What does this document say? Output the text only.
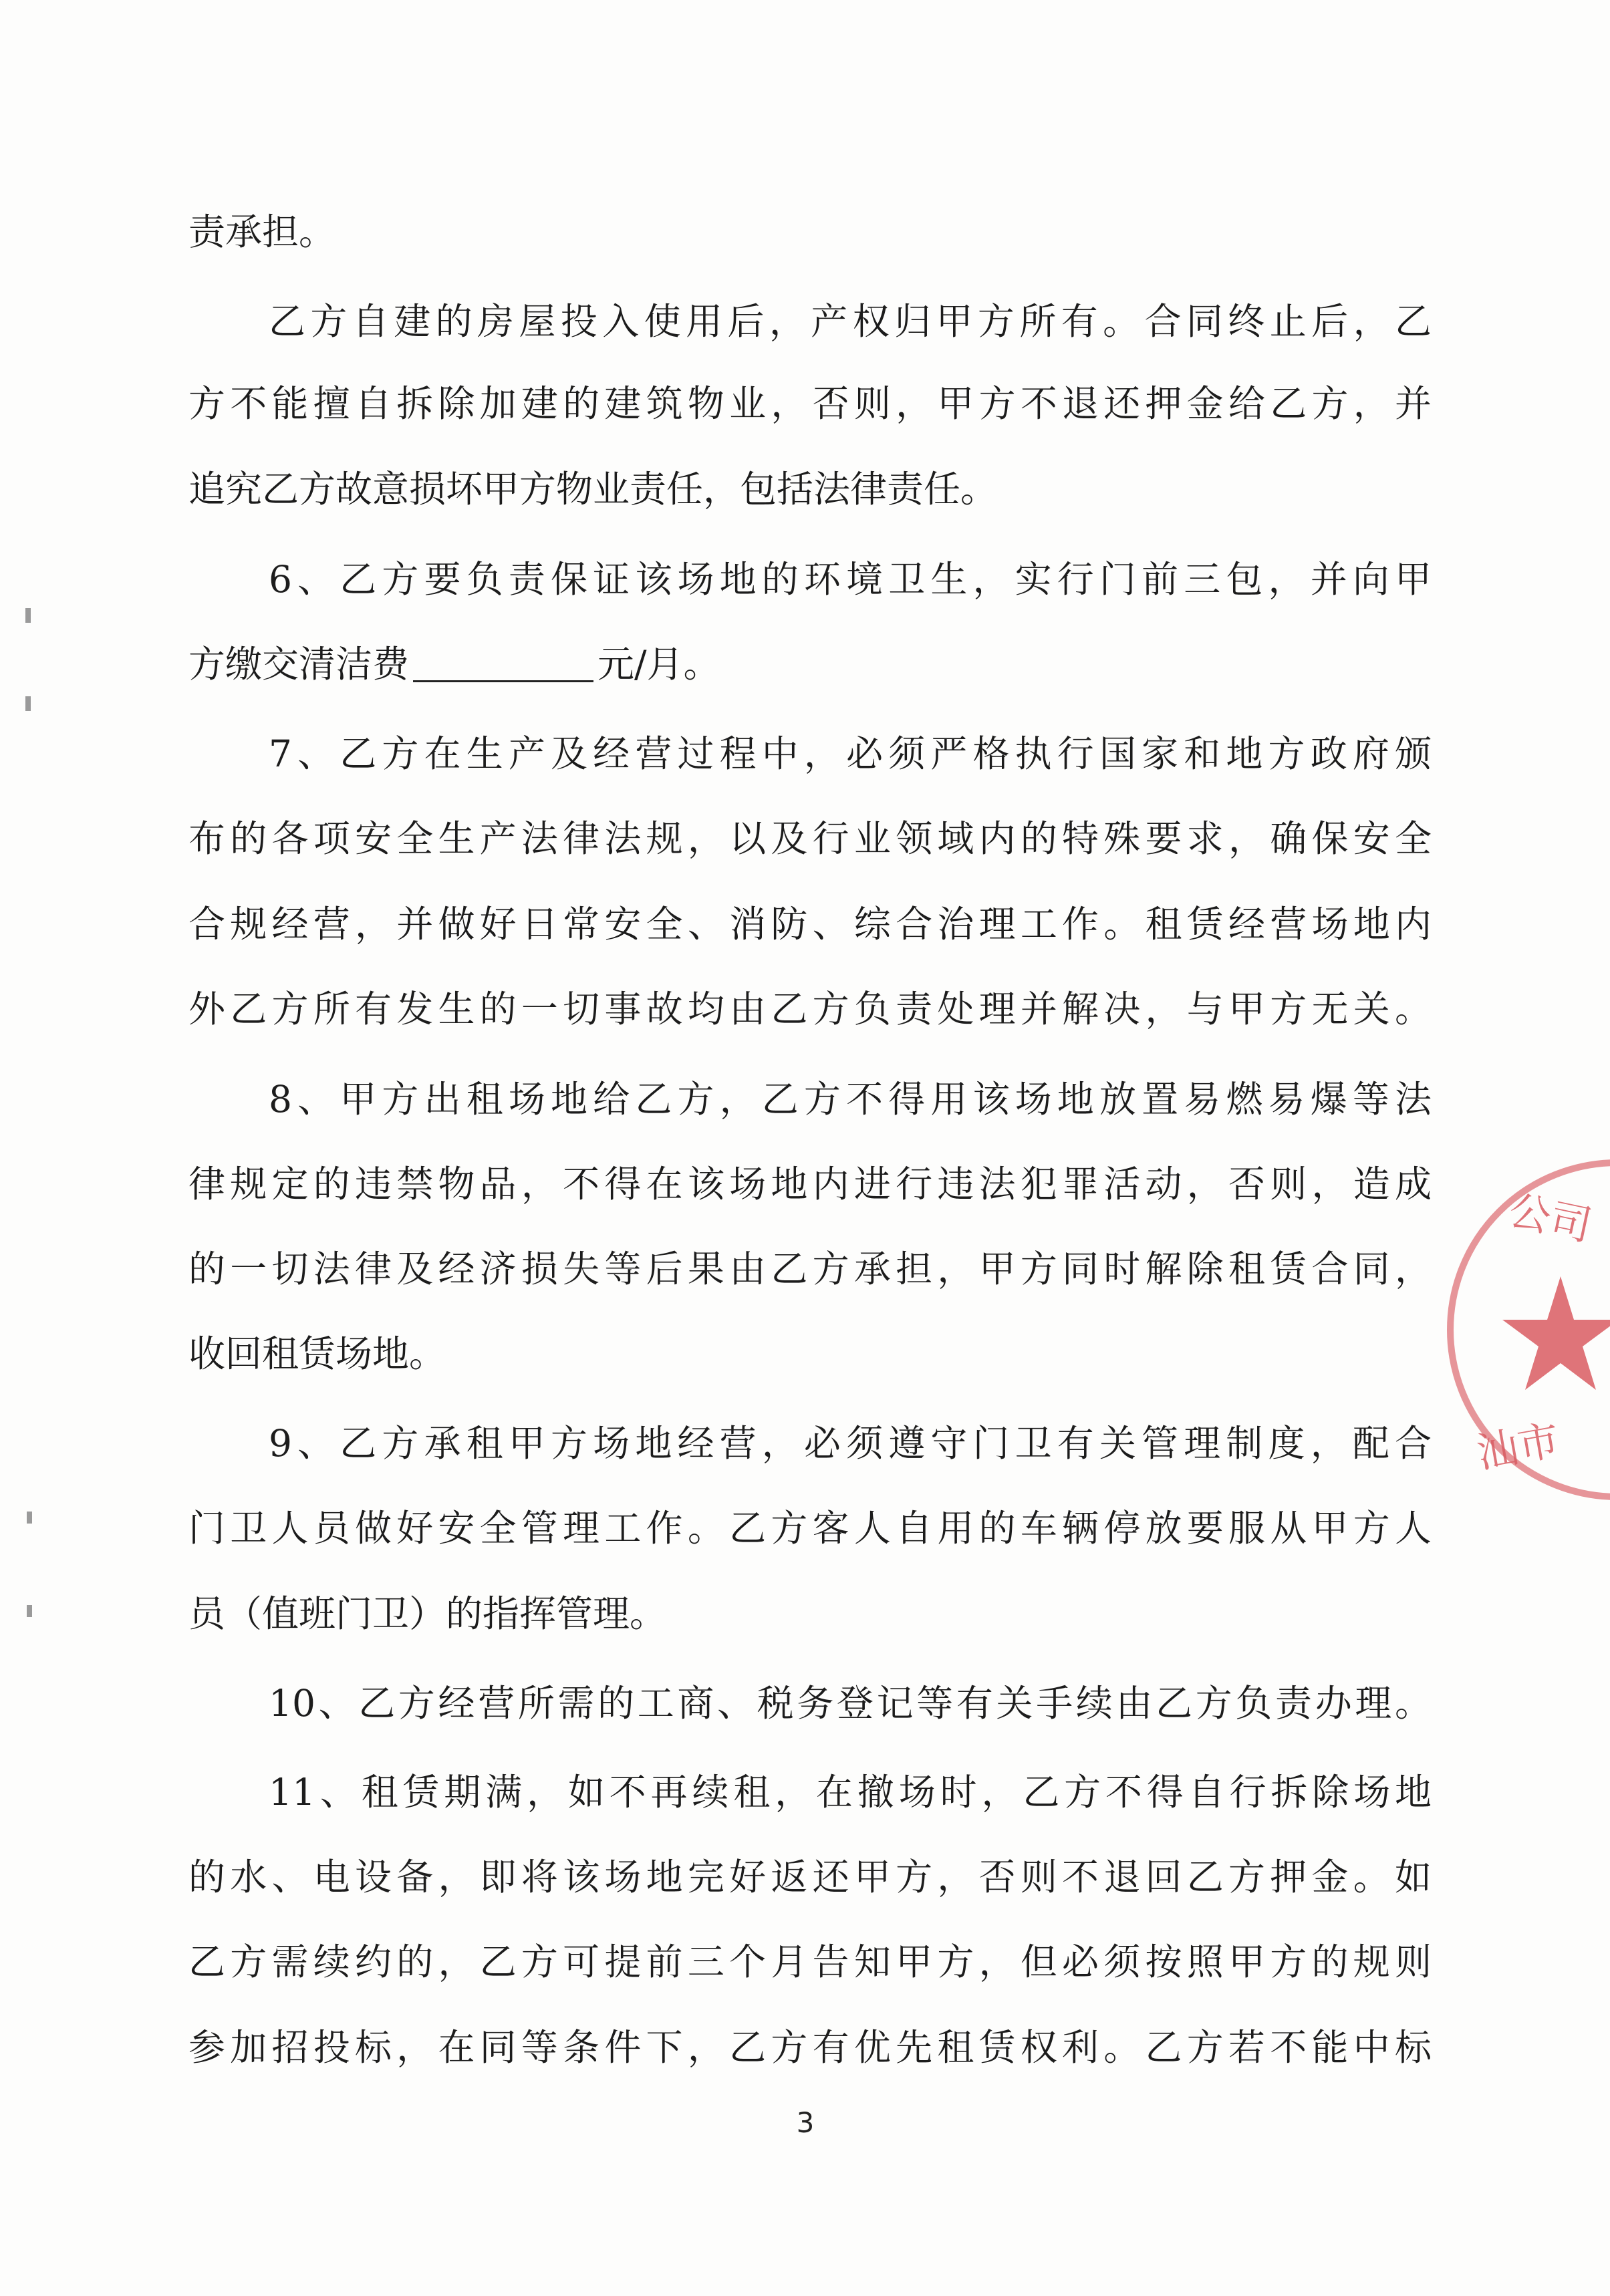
责承担。
乙方自建的房屋投入使用后，产权归甲方所有。合同终止后，乙
方不能擅自拆除加建的建筑物业，否则，甲方不退还押金给乙方，并
追究乙方故意损坏甲方物业责任，包括法律责任。
6、乙方要负责保证该场地的环境卫生，实行门前三包，并向甲
方缴交清洁费	元/月。
7、乙方在生产及经营过程中，必须严格执行国家和地方政府颁
布的各项安全生产法律法规，以及行业领域内的特殊要求，确保安全
合规经营，并做好日常安全、消防、综合治理工作。租赁经营场地内
外乙方所有发生的一切事故均由乙方负责处理并解决，与甲方无关。
8、甲方出租场地给乙方，乙方不得用该场地放置易燃易爆等法
律规定的违禁物品，不得在该场地内进行违法犯罪活动，否则，造成
的一切法律及经济损失等后果由乙方承担，甲方同时解除租赁合同，
收回租赁场地。
9、乙方承租甲方场地经营，必须遵守门卫有关管理制度，配合
门卫人员做好安全管理工作。乙方客人自用的车辆停放要服从甲方人
员（值班门卫）的指挥管理。
10、乙方经营所需的工商、税务登记等有关手续由乙方负责办理。
11、租赁期满，如不再续租，在撤场时，乙方不得自行拆除场地
的水、电设备，即将该场地完好返还甲方，否则不退回乙方押金。如
乙方需续约的，乙方可提前三个月告知甲方，但必须按照甲方的规则
参加招投标，在同等条件下，乙方有优先租赁权利。乙方若不能中标
3
公司
汕市
